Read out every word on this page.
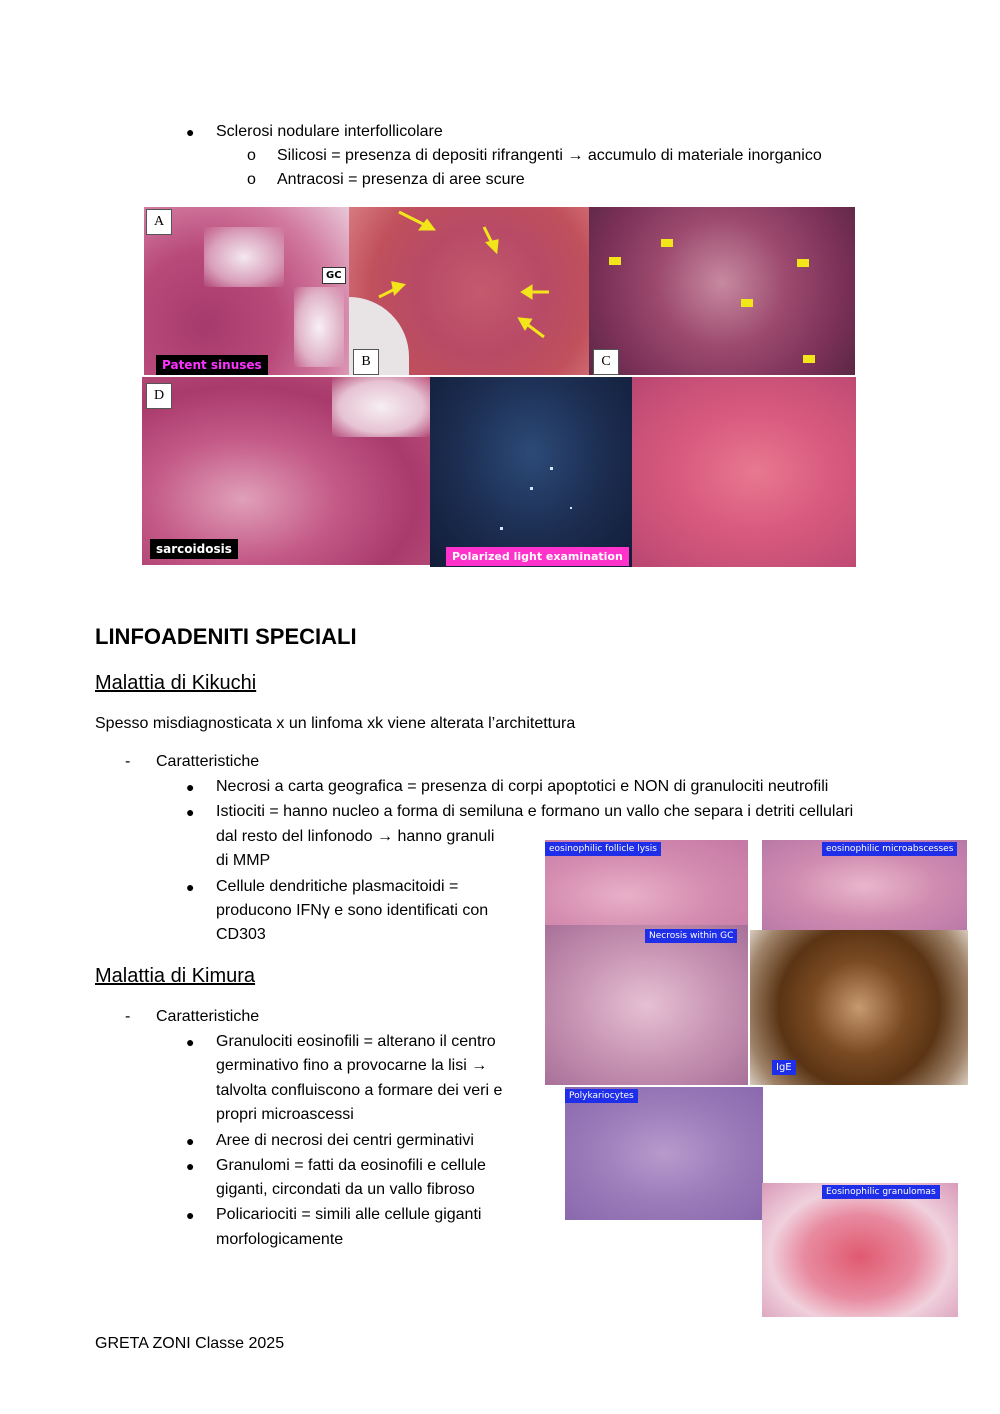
● Sclerosi nodulare interfollicolare
o Silicosi = presenza di depositi rifrangenti → accumulo di materiale inorganico
o Antracosi = presenza di aree scure
A
GC
Patent sinuses	B	C
D
sarcoidosis
Polarized light examination
LINFOADENITI SPECIALI
Malattia di Kikuchi
Spesso misdiagnosticata x un linfoma xk viene alterata l’architettura
- Caratteristiche
● Necrosi a carta geografica = presenza di corpi apoptotici e NON di granulociti neutrofili
● Istiociti = hanno nucleo a forma di semiluna e formano un vallo che separa i detriti cellulari
dal resto del linfonodo → hanno granuli
di MMP
● Cellule dendritiche plasmacitoidi =
producono IFNγ e sono identificati con
CD303
Malattia di Kimura
- Caratteristiche
● Granulociti eosinofili = alterano il centro
germinativo fino a provocarne la lisi →
talvolta confluiscono a formare dei veri e
propri microascessi
● Aree di necrosi dei centri germinativi
● Granulomi = fatti da eosinofili e cellule
giganti, circondati da un vallo fibroso
● Policariociti = simili alle cellule giganti
morfologicamente
eosinophilic follicle lysis	eosinophilic microabscesses
Necrosis within GC
IgE
Polykariocytes
Eosinophilic granulomas
GRETA ZONI Classe 2025
